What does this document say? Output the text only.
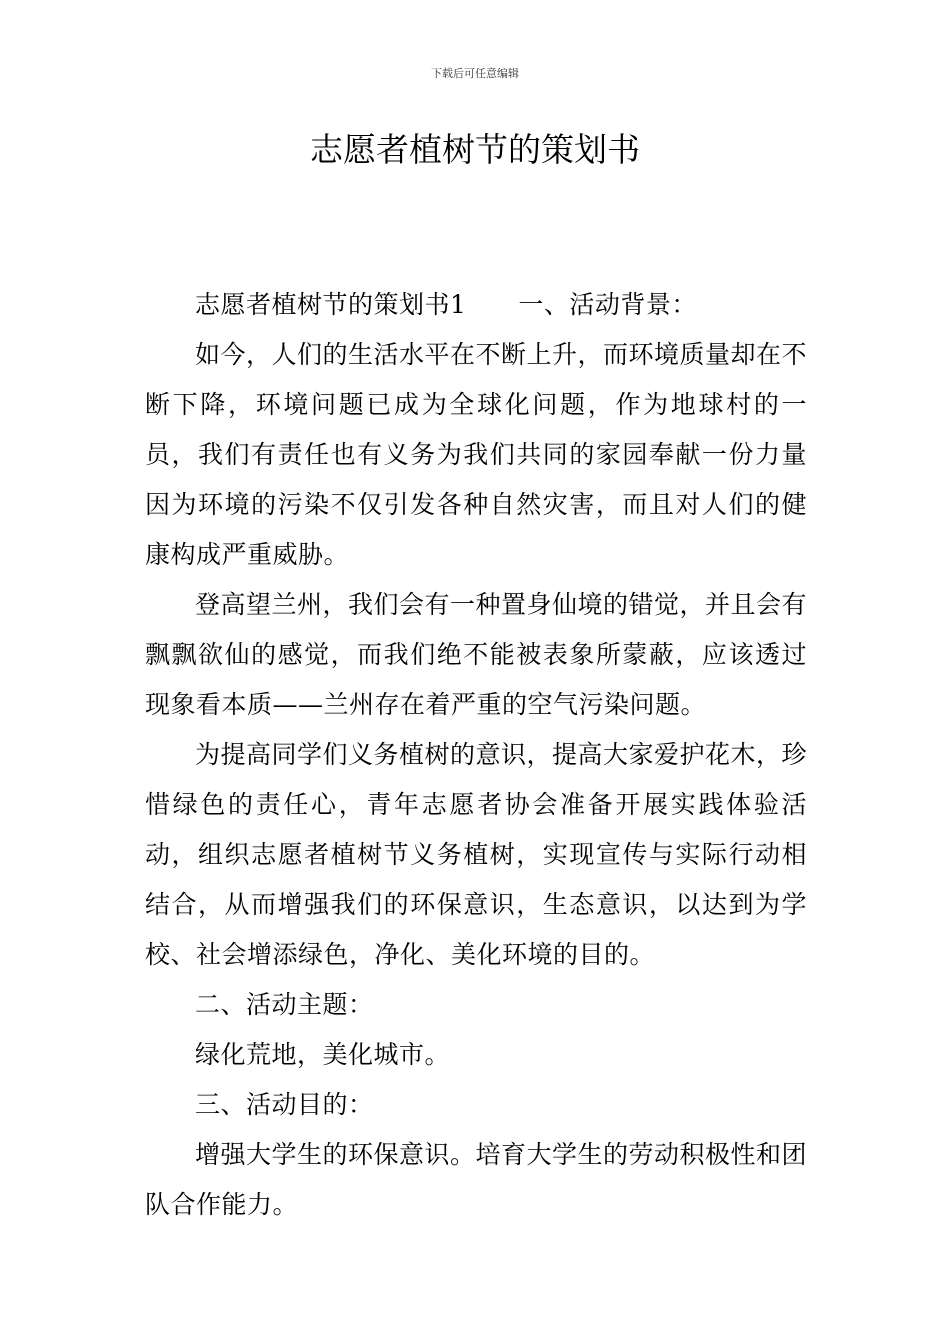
下载后可任意编辑
志愿者植树节的策划书

志愿者植树节的策划书1 一、活动背景：

如今，人们的生活水平在不断上升，而环境质量却在不断下降，环境问题已成为全球化问题，作为地球村的一员，我们有责任也有义务为我们共同的家园奉献一份力量因为环境的污染不仅引发各种自然灾害，而且对人们的健康构成严重威胁。

登高望兰州，我们会有一种置身仙境的错觉，并且会有飘飘欲仙的感觉，而我们绝不能被表象所蒙蔽，应该透过现象看本质——兰州存在着严重的空气污染问题。

为提高同学们义务植树的意识，提高大家爱护花木，珍惜绿色的责任心，青年志愿者协会准备开展实践体验活动，组织志愿者植树节义务植树，实现宣传与实际行动相结合，从而增强我们的环保意识，生态意识，以达到为学校、社会增添绿色，净化、美化环境的目的。

二、活动主题：

绿化荒地，美化城市。

三、活动目的：

增强大学生的环保意识。培育大学生的劳动积极性和团队合作能力。
